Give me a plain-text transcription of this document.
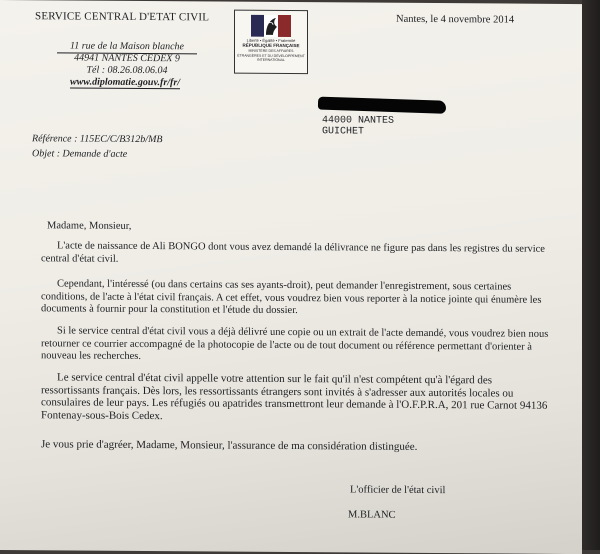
SERVICE CENTRAL D'ETAT CIVIL
11 rue de la Maison blanche
44941 NANTES CEDEX 9
Tél : 08.26.08.06.04
www.diplomatie.gouv.fr/fr/
Liberté • Égalité • Fraternité
RÉPUBLIQUE FRANÇAISE
MINISTÈRE DES AFFAIRES ÉTRANGÈRES ET DU DÉVELOPPEMENT INTERNATIONAL
Nantes, le 4 novembre 2014
44000 NANTES
GUICHET
Référence : 115EC/C/B312b/MB
Objet : Demande d'acte
Madame, Monsieur,
L'acte de naissance de Ali BONGO dont vous avez demandé la délivrance ne figure pas dans les registres du service central d'état civil.
Cependant, l'intéressé (ou dans certains cas ses ayants-droit), peut demander l'enregistrement, sous certaines conditions, de l'acte à l'état civil français. A cet effet, vous voudrez bien vous reporter à la notice jointe qui énumère les documents à fournir pour la constitution et l'étude du dossier.
Si le service central d'état civil vous a déjà délivré une copie ou un extrait de l'acte demandé, vous voudrez bien nous retourner ce courrier accompagné de la photocopie de l'acte ou de tout document ou référence permettant d'orienter à nouveau les recherches.
Le service central d'état civil appelle votre attention sur le fait qu'il n'est compétent qu'à l'égard des ressortissants français. Dès lors, les ressortissants étrangers sont invités à s'adresser aux autorités locales ou consulaires de leur pays. Les réfugiés ou apatrides transmettront leur demande à l'O.F.P.R.A, 201 rue Carnot 94136 Fontenay-sous-Bois Cedex.
Je vous prie d'agréer, Madame, Monsieur, l'assurance de ma considération distinguée.
L'officier de l'état civil
M.BLANC
